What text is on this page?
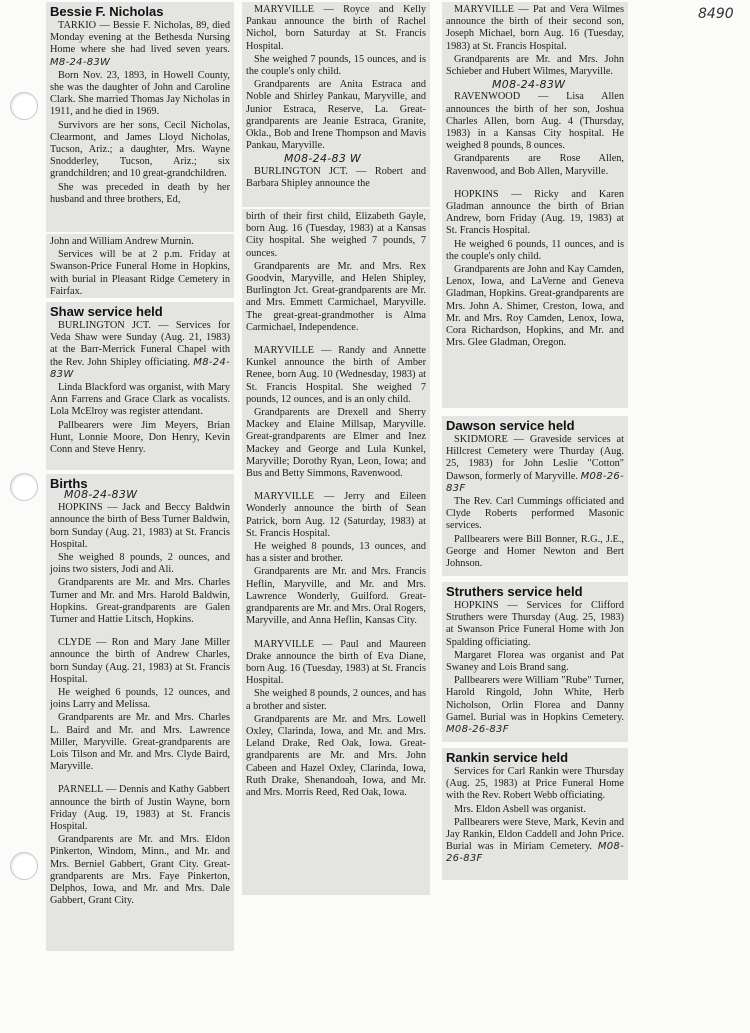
8490
Bessie F. Nicholas

TARKIO — Bessie F. Nicholas, 89, died Monday evening at the Bethesda Nursing Home where she had lived seven years. M8-24-83W

Born Nov. 23, 1893, in Howell County, she was the daughter of John and Caroline Clark. She married Thomas Jay Nicholas in 1911, and he died in 1969.

Survivors are her sons, Cecil Nicholas, Clearmont, and James Lloyd Nicholas, Tucson, Ariz.; a daughter, Mrs. Wayne Snodderley, Tucson, Ariz.; six grandchildren; and 10 great-grandchildren.

She was preceded in death by her husband and three brothers, Ed,

John and William Andrew Murnin.

Services will be at 2 p.m. Friday at Swanson-Price Funeral Home in Hopkins, with burial in Pleasant Ridge Cemetery in Fairfax.

Shaw service held

BURLINGTON JCT. — Services for Veda Shaw were Sunday (Aug. 21, 1983) at the Barr-Merrick Funeral Chapel with the Rev. John Shipley officiating. M8-24-83W

Linda Blackford was organist, with Mary Ann Farrens and Grace Clark as vocalists. Lola McElroy was register attendant.

Pallbearers were Jim Meyers, Brian Hunt, Lonnie Moore, Don Henry, Kevin Conn and Steve Henry.

Births
M08-24-83W

HOPKINS — Jack and Beccy Baldwin announce the birth of Bess Turner Baldwin, born Sunday (Aug. 21, 1983) at St. Francis Hospital.

She weighed 8 pounds, 2 ounces, and joins two sisters, Jodi and Ali.

Grandparents are Mr. and Mrs. Charles Turner and Mr. and Mrs. Harold Baldwin, Hopkins. Great-grandparents are Galen Turner and Hattie Litsch, Hopkins.

CLYDE — Ron and Mary Jane Miller announce the birth of Andrew Charles, born Sunday (Aug. 21, 1983) at St. Francis Hospital.

He weighed 6 pounds, 12 ounces, and joins Larry and Melissa.

Grandparents are Mr. and Mrs. Charles L. Baird and Mr. and Mrs. Lawrence Miller, Maryville. Great-grandparents are Lois Tilson and Mr. and Mrs. Clyde Baird, Maryville.

PARNELL — Dennis and Kathy Gabbert announce the birth of Justin Wayne, born Friday (Aug. 19, 1983) at St. Francis Hospital.

Grandparents are Mr. and Mrs. Eldon Pinkerton, Windom, Minn., and Mr. and Mrs. Berniel Gabbert, Grant City. Great-grandparents are Mrs. Faye Pinkerton, Delphos, Iowa, and Mr. and Mrs. Dale Gabbert, Grant City.

MARYVILLE — Royce and Kelly Pankau announce the birth of Rachel Nichol, born Saturday at St. Francis Hospital.

She weighed 7 pounds, 15 ounces, and is the couple's only child.

Grandparents are Anita Estraca and Noble and Shirley Pankau, Maryville, and Junior Estraca, Reserve, La. Great-grandparents are Jeanie Estraca, Granite, Okla., Bob and Irene Thompson and Mavis Pankau, Maryville.

M08-24-83 W

BURLINGTON JCT. — Robert and Barbara Shipley announce the

birth of their first child, Elizabeth Gayle, born Aug. 16 (Tuesday, 1983) at a Kansas City hospital. She weighed 7 pounds, 7 ounces.

Grandparents are Mr. and Mrs. Rex Goodvin, Maryville, and Helen Shipley, Burlington Jct. Great-grandparents are Mr. and Mrs. Emmett Carmichael, Maryville. The great-great-grandmother is Alma Carmichael, Independence.

MARYVILLE — Randy and Annette Kunkel announce the birth of Amber Renee, born Aug. 10 (Wednesday, 1983) at St. Francis Hospital. She weighed 7 pounds, 12 ounces, and is an only child.

Grandparents are Drexell and Sherry Mackey and Elaine Millsap, Maryville. Great-grandparents are Elmer and Inez Mackey and George and Lula Kunkel, Maryville; Dorothy Ryan, Leon, Iowa; and Bus and Betty Simmons, Ravenwood.

MARYVILLE — Jerry and Eileen Wonderly announce the birth of Sean Patrick, born Aug. 12 (Saturday, 1983) at St. Francis Hospital.

He weighed 8 pounds, 13 ounces, and has a sister and brother.

Grandparents are Mr. and Mrs. Francis Heflin, Maryville, and Mr. and Mrs. Lawrence Wonderly, Guilford. Great-grandparents are Mr. and Mrs. Oral Rogers, Maryville, and Anna Heflin, Kansas City.

MARYVILLE — Paul and Maureen Drake announce the birth of Eva Diane, born Aug. 16 (Tuesday, 1983) at St. Francis Hospital.

She weighed 8 pounds, 2 ounces, and has a brother and sister.

Grandparents are Mr. and Mrs. Lowell Oxley, Clarinda, Iowa, and Mr. and Mrs. Leland Drake, Red Oak, Iowa. Great-grandparents are Mr. and Mrs. John Cabeen and Hazel Oxley, Clarinda, Iowa, Ruth Drake, Shenandoah, Iowa, and Mr. and Mrs. Morris Reed, Red Oak, Iowa.

MARYVILLE — Pat and Vera Wilmes announce the birth of their second son, Joseph Michael, born Aug. 16 (Tuesday, 1983) at St. Francis Hospital.

Grandparents are Mr. and Mrs. John Schieber and Hubert Wilmes, Maryville.

M08-24-83W

RAVENWOOD — Lisa Allen announces the birth of her son, Joshua Charles Allen, born Aug. 4 (Thursday, 1983) in a Kansas City hospital. He weighed 8 pounds, 8 ounces.

Grandparents are Rose Allen, Ravenwood, and Bob Allen, Maryville.

HOPKINS — Ricky and Karen Gladman announce the birth of Brian Andrew, born Friday (Aug. 19, 1983) at St. Francis Hospital.

He weighed 6 pounds, 11 ounces, and is the couple's only child.

Grandparents are John and Kay Camden, Lenox, Iowa, and LaVerne and Geneva Gladman, Hopkins. Great-grandparents are Mrs. John A. Shimer, Creston, Iowa, and Mr. and Mrs. Roy Camden, Lenox, Iowa, Cora Richardson, Hopkins, and Mr. and Mrs. Glee Gladman, Oregon.

Dawson service held

SKIDMORE — Graveside services at Hillcrest Cemetery were Thurday (Aug. 25, 1983) for John Leslie "Cotton" Dawson, formerly of Maryville. M08-26-83F

The Rev. Carl Cummings officiated and Clyde Roberts performed Masonic services.

Pallbearers were Bill Bonner, R.G., J.E., George and Homer Newton and Bert Johnson.

Struthers service held

HOPKINS — Services for Clifford Struthers were Thursday (Aug. 25, 1983) at Swanson Price Funeral Home with Jon Spalding officiating.

Margaret Florea was organist and Pat Swaney and Lois Brand sang.

Pallbearers were William "Rube" Turner, Harold Ringold, John White, Herb Nicholson, Orlin Florea and Danny Gamel. Burial was in Hopkins Cemetery. M08-26-83F

Rankin service held

Services for Carl Rankin were Thursday (Aug. 25, 1983) at Price Funeral Home with the Rev. Robert Webb officiating.

Mrs. Eldon Asbell was organist.

Pallbearers were Steve, Mark, Kevin and Jay Rankin, Eldon Caddell and John Price. Burial was in Miriam Cemetery. M08-26-83F
